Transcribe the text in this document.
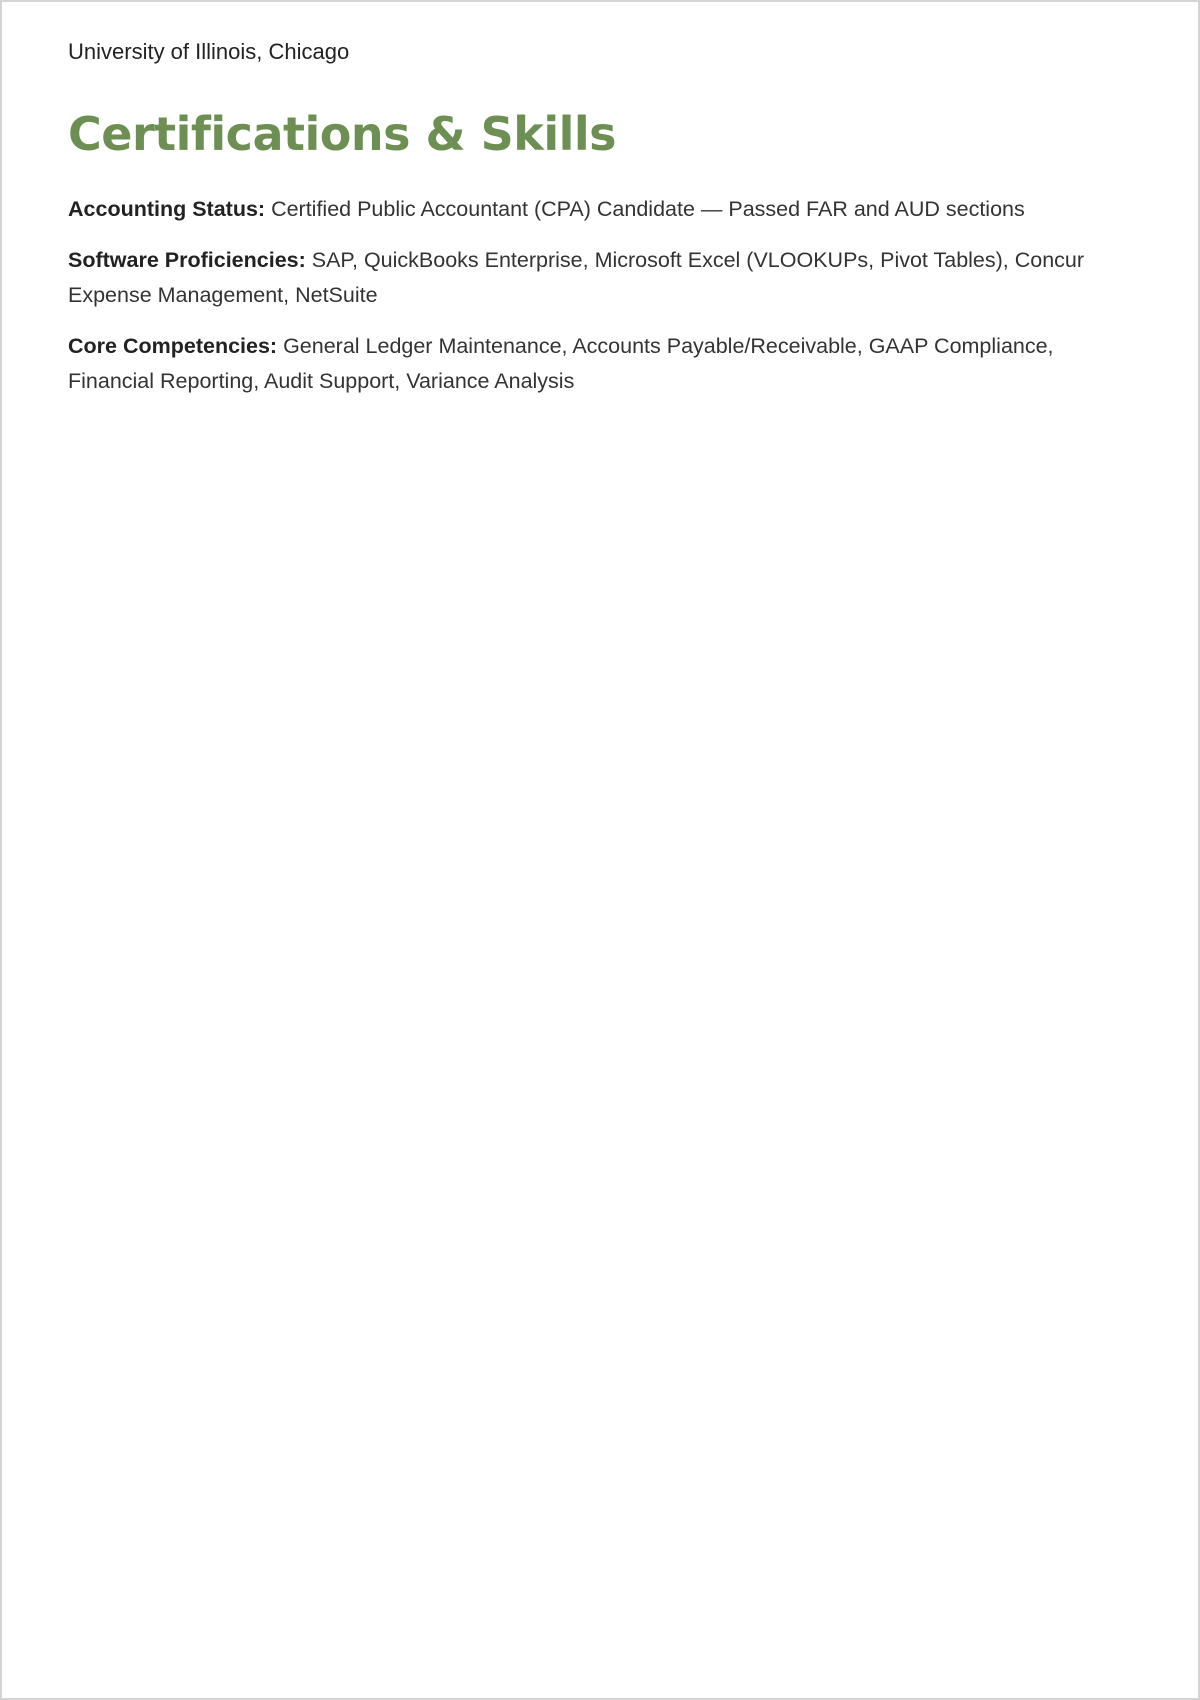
University of Illinois, Chicago

Certifications & Skills

Accounting Status: Certified Public Accountant (CPA) Candidate — Passed FAR and AUD sections

Software Proficiencies: SAP, QuickBooks Enterprise, Microsoft Excel (VLOOKUPs, Pivot Tables), Concur Expense Management, NetSuite

Core Competencies: General Ledger Maintenance, Accounts Payable/Receivable, GAAP Compliance, Financial Reporting, Audit Support, Variance Analysis
